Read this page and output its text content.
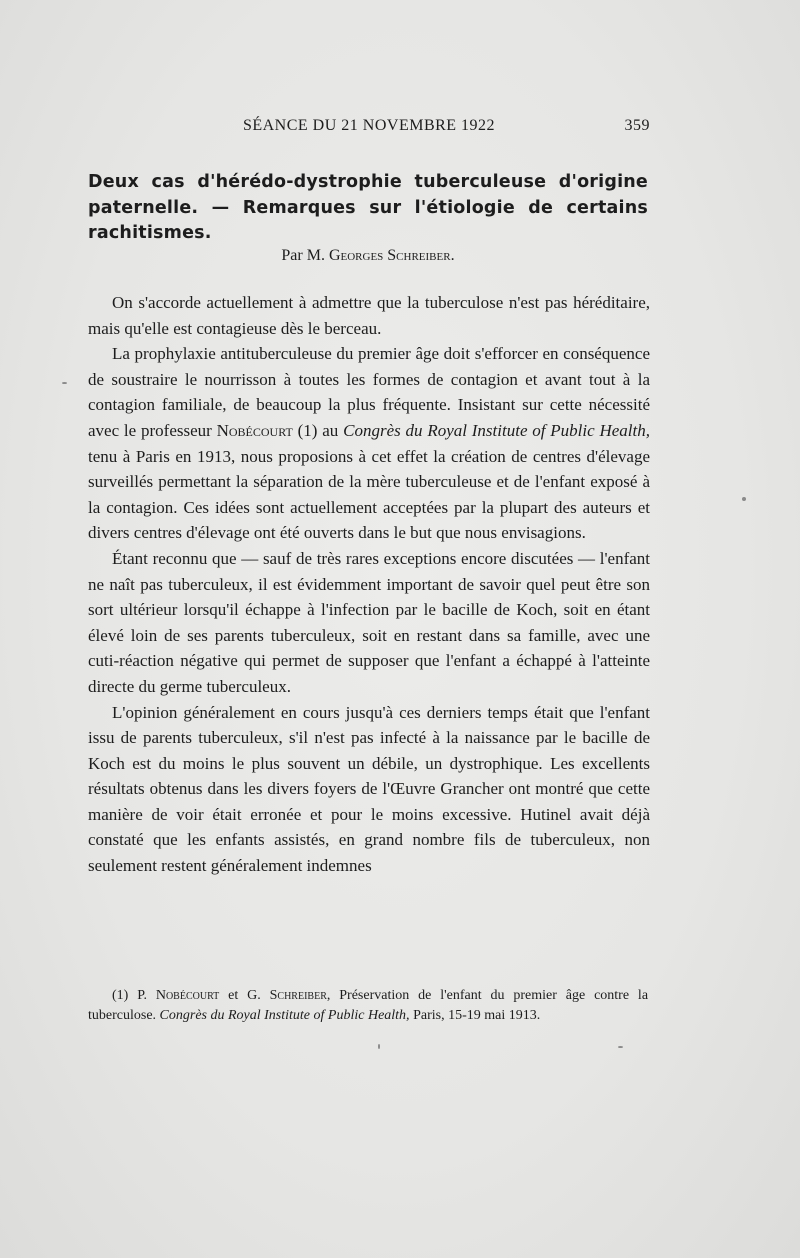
SÉANCE DU 21 NOVEMBRE 1922	359
Deux cas d'hérédo-dystrophie tuberculeuse d'origine paternelle. — Remarques sur l'étiologie de certains rachitismes.
Par M. Georges Schreiber.

On s'accorde actuellement à admettre que la tuberculose n'est pas héréditaire, mais qu'elle est contagieuse dès le berceau.

La prophylaxie antituberculeuse du premier âge doit s'efforcer en conséquence de soustraire le nourrisson à toutes les formes de contagion et avant tout à la contagion familiale, de beaucoup la plus fréquente. Insistant sur cette nécessité avec le professeur Nobécourt (1) au Congrès du Royal Institute of Public Health, tenu à Paris en 1913, nous proposions à cet effet la création de centres d'élevage surveillés permettant la séparation de la mère tuberculeuse et de l'enfant exposé à la contagion. Ces idées sont actuellement acceptées par la plupart des auteurs et divers centres d'élevage ont été ouverts dans le but que nous envisagions.

Étant reconnu que — sauf de très rares exceptions encore discutées — l'enfant ne naît pas tuberculeux, il est évidemment important de savoir quel peut être son sort ultérieur lorsqu'il échappe à l'infection par le bacille de Koch, soit en étant élevé loin de ses parents tuberculeux, soit en restant dans sa famille, avec une cuti-réaction négative qui permet de supposer que l'enfant a échappé à l'atteinte directe du germe tuberculeux.

L'opinion généralement en cours jusqu'à ces derniers temps était que l'enfant issu de parents tuberculeux, s'il n'est pas infecté à la naissance par le bacille de Koch est du moins le plus souvent un débile, un dystrophique. Les excellents résultats obtenus dans les divers foyers de l'Œuvre Grancher ont montré que cette manière de voir était erronée et pour le moins excessive. Hutinel avait déjà constaté que les enfants assistés, en grand nombre fils de tuberculeux, non seulement restent généralement indemnes

(1) P. Nobécourt et G. Schreiber, Préservation de l'enfant du premier âge contre la tuberculose. Congrès du Royal Institute of Public Health, Paris, 15-19 mai 1913.
